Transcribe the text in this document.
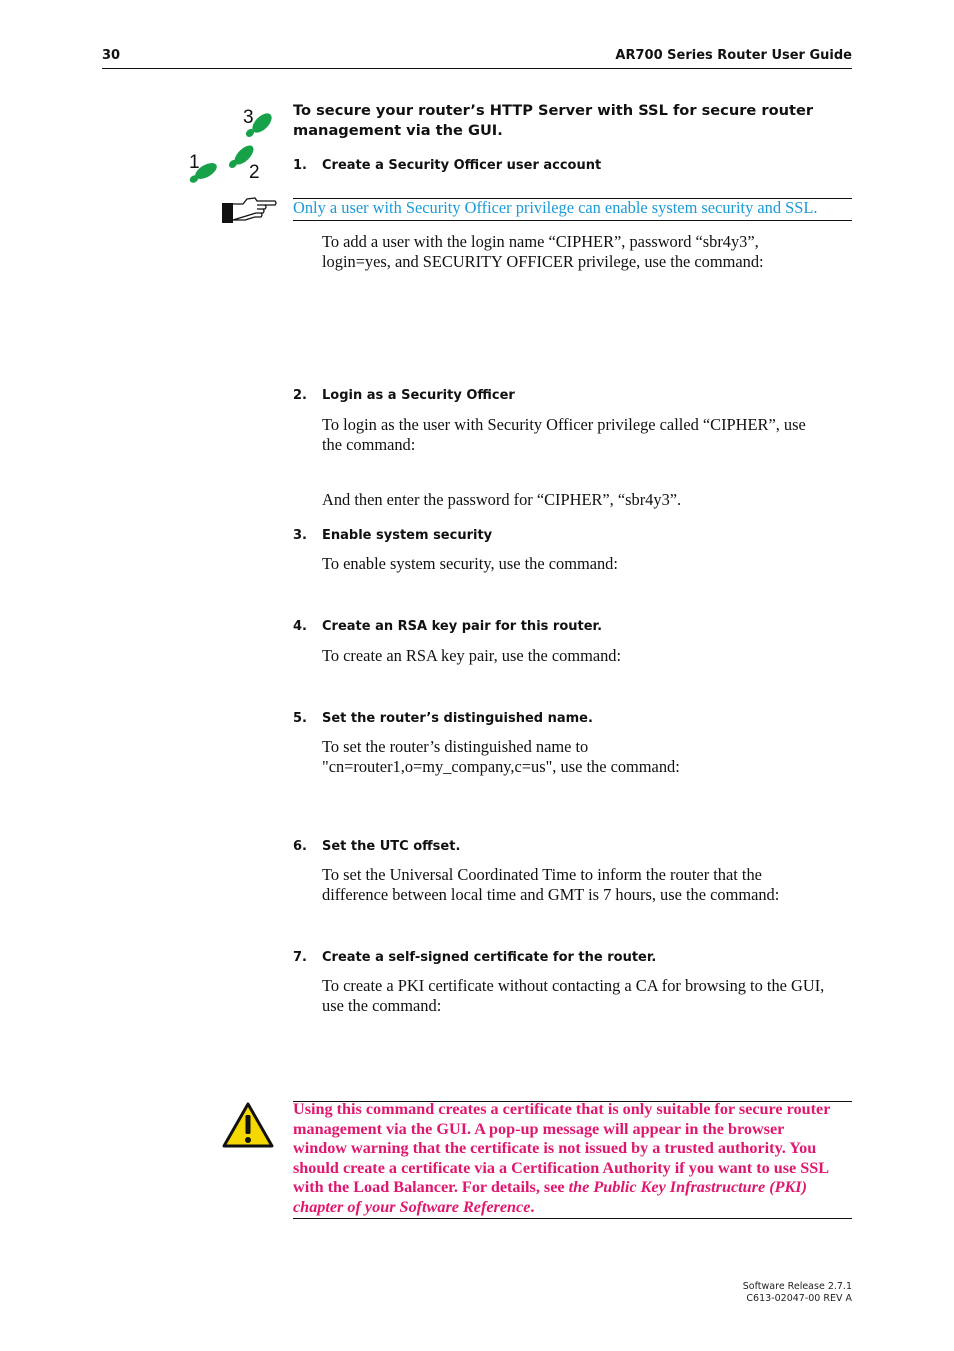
30	AR700 Series Router User Guide
3
1	2
To secure your router’s HTTP Server with SSL for secure router
management via the GUI.
1. Create a Security Officer user account
Only a user with Security Officer privilege can enable system security and SSL.
To add a user with the login name “CIPHER”, password “sbr4y3”,
login=yes, and SECURITY OFFICER privilege, use the command:
2. Login as a Security Officer
To login as the user with Security Officer privilege called “CIPHER”, use
the command:
And then enter the password for “CIPHER”, “sbr4y3”.
3. Enable system security
To enable system security, use the command:
4. Create an RSA key pair for this router.
To create an RSA key pair, use the command:
5. Set the router’s distinguished name.
To set the router’s distinguished name to
"cn=router1,o=my_company,c=us", use the command:
6. Set the UTC offset.
To set the Universal Coordinated Time to inform the router that the
difference between local time and GMT is 7 hours, use the command:
7. Create a self-signed certificate for the router.
To create a PKI certificate without contacting a CA for browsing to the GUI,
use the command:
Using this command creates a certificate that is only suitable for secure router
management via the GUI. A pop-up message will appear in the browser
window warning that the certificate is not issued by a trusted authority. You
should create a certificate via a Certification Authority if you want to use SSL
with the Load Balancer. For details, see the Public Key Infrastructure (PKI)
chapter of your Software Reference.
Software Release 2.7.1
C613-02047-00 REV A
